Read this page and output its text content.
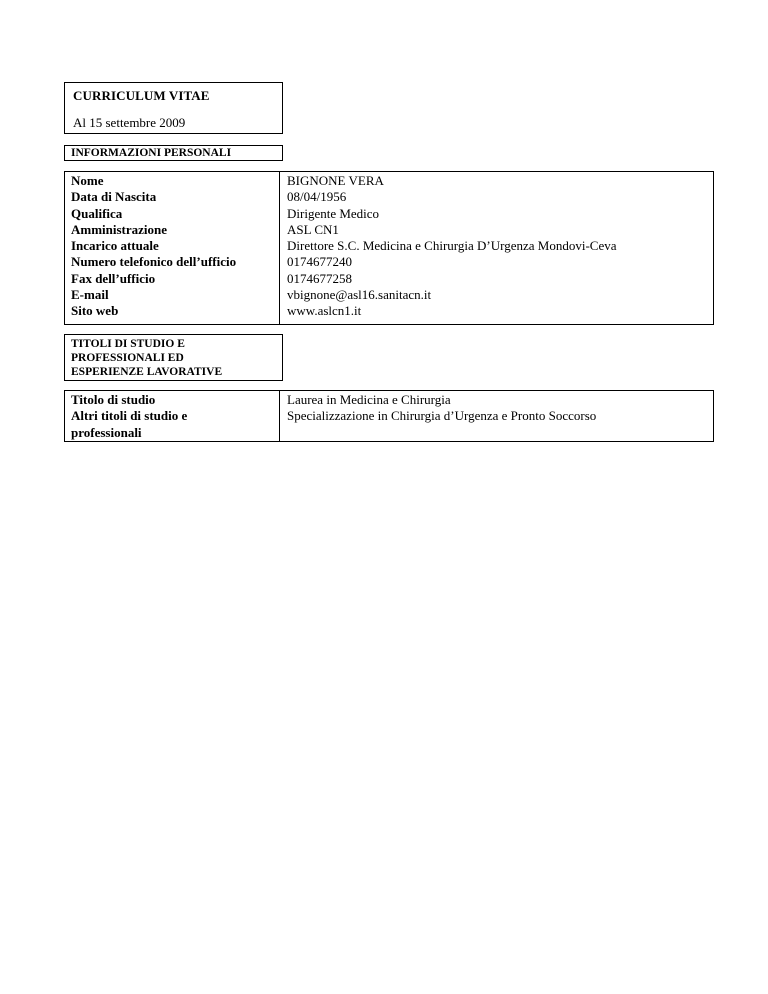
CURRICULUM VITAE
Al 15 settembre 2009
INFORMAZIONI PERSONALI
Nome
Data di Nascita
Qualifica
Amministrazione
Incarico attuale
Numero telefonico dell’ufficio
Fax dell’ufficio
E-mail
Sito web
BIGNONE VERA
08/04/1956
Dirigente Medico
ASL CN1
Direttore S.C. Medicina e Chirurgia D’Urgenza Mondovi-Ceva
0174677240
0174677258
vbignone@asl16.sanitacn.it
www.aslcn1.it
TITOLI DI STUDIO E
PROFESSIONALI ED
ESPERIENZE LAVORATIVE
Titolo di studio
Altri titoli di studio e professionali
Laurea in Medicina e Chirurgia
Specializzazione in Chirurgia d’Urgenza e Pronto Soccorso
